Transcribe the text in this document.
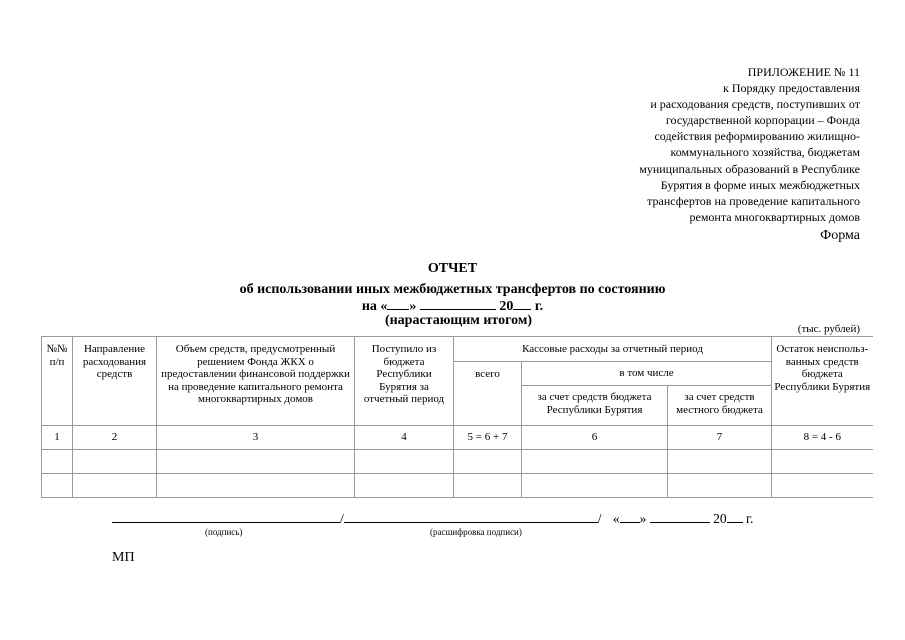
ПРИЛОЖЕНИЕ № 11
к Порядку предоставления
и расходования средств, поступивших от
государственной корпорации – Фонда
содействия реформированию жилищно-
коммунального хозяйства, бюджетам
муниципальных образований в Республике
Бурятия в форме иных межбюджетных
трансфертов на проведение капитального
ремонта многоквартирных домов
Форма
ОТЧЕТ
об использовании иных межбюджетных трансфертов по состоянию
на « »	20 г.
(нарастающим итогом)
(тыс. рублей)
№№ п/п	Направление расходования средств	Объем средств, предусмотренный решением Фонда ЖКХ о предоставлении финансовой поддержки на проведение капитального ремонта многоквартирных домов	Поступило из бюджета Республики Бурятия за отчетный период	Кассовые расходы за отчетный период			Остаток неиспольз-ванных средств бюджета Республики Бурятия
				всего	в том числе		
					за счет средств бюджета Республики Бурятия	за счет средств местного бюджета	
1	2	3	4	5 = 6 + 7	6	7	8 = 4 - 6

/	/ « »	20 г.
(подпись)	(расшифровка подписи)
МП
